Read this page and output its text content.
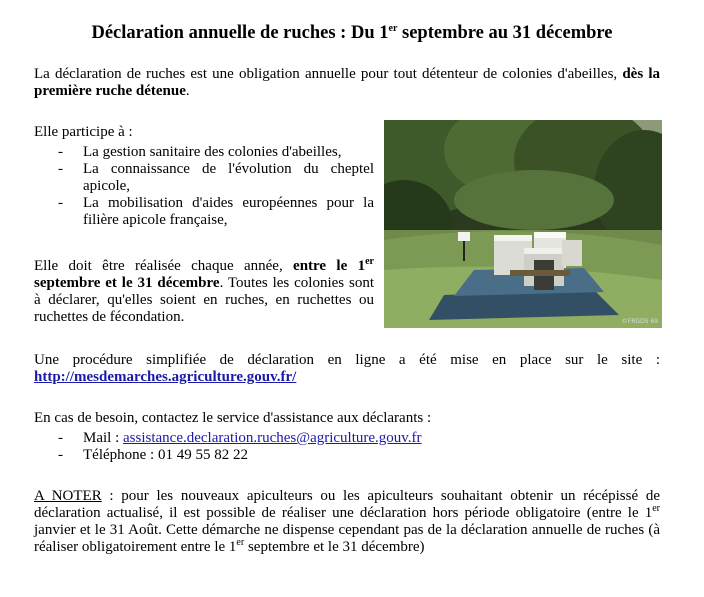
Déclaration annuelle de ruches : Du 1er septembre au 31 décembre

La déclaration de ruches est une obligation annuelle pour tout détenteur de colonies d'abeilles, dès la première ruche détenue.

Elle participe à :

- La gestion sanitaire des colonies d'abeilles,
- La connaissance de l'évolution du cheptel apicole,
- La mobilisation d'aides européennes pour la filière apicole française,

Elle doit être réalisée chaque année, entre le 1er septembre et le 31 décembre. Toutes les colonies sont à déclarer, qu'elles soient en ruches, en ruchettes ou ruchettes de fécondation.	©FRGDS 69

Une procédure simplifiée de déclaration en ligne a été mise en place sur le site : http://mesdemarches.agriculture.gouv.fr/

En cas de besoin, contactez le service d'assistance aux déclarants :

- Mail : assistance.declaration.ruches@agriculture.gouv.fr
- Téléphone : 01 49 55 82 22

A NOTER : pour les nouveaux apiculteurs ou les apiculteurs souhaitant obtenir un récépissé de déclaration actualisé, il est possible de réaliser une déclaration hors période obligatoire (entre le 1er janvier et le 31 Août. Cette démarche ne dispense cependant pas de la déclaration annuelle de ruches (à réaliser obligatoirement entre le 1er septembre et le 31 décembre)
